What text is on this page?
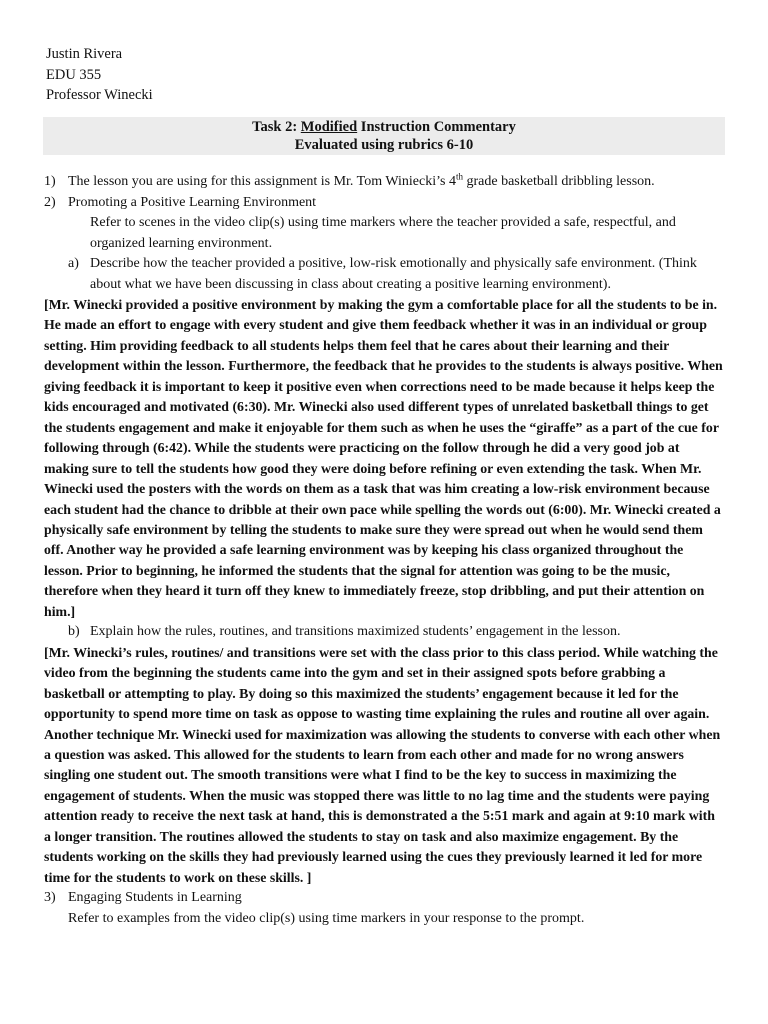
Justin Rivera
EDU 355
Professor Winecki
Task 2: Modified Instruction Commentary
Evaluated using rubrics 6-10
1) The lesson you are using for this assignment is Mr. Tom Winiecki’s 4th grade basketball dribbling lesson.
2) Promoting a Positive Learning Environment
Refer to scenes in the video clip(s) using time markers where the teacher provided a safe, respectful, and organized learning environment.
a) Describe how the teacher provided a positive, low-risk emotionally and physically safe environment. (Think about what we have been discussing in class about creating a positive learning environment).
[Mr. Winecki provided a positive environment by making the gym a comfortable place for all the students to be in. He made an effort to engage with every student and give them feedback whether it was in an individual or group setting. Him providing feedback to all students helps them feel that he cares about their learning and their development within the lesson. Furthermore, the feedback that he provides to the students is always positive. When giving feedback it is important to keep it positive even when corrections need to be made because it helps keep the kids encouraged and motivated (6:30). Mr. Winecki also used different types of unrelated basketball things to get the students engagement and make it enjoyable for them such as when he uses the “giraffe” as a part of the cue for following through (6:42). While the students were practicing on the follow through he did a very good job at making sure to tell the students how good they were doing before refining or even extending the task. When Mr. Winecki used the posters with the words on them as a task that was him creating a low-risk environment because each student had the chance to dribble at their own pace while spelling the words out (6:00). Mr. Winecki created a physically safe environment by telling the students to make sure they were spread out when he would send them off. Another way he provided a safe learning environment was by keeping his class organized throughout the lesson. Prior to beginning, he informed the students that the signal for attention was going to be the music, therefore when they heard it turn off they knew to immediately freeze, stop dribbling, and put their attention on him.]
b) Explain how the rules, routines, and transitions maximized students’ engagement in the lesson.
[Mr. Winecki’s rules, routines/ and transitions were set with the class prior to this class period. While watching the video from the beginning the students came into the gym and set in their assigned spots before grabbing a basketball or attempting to play. By doing so this maximized the students’ engagement because it led for the opportunity to spend more time on task as oppose to wasting time explaining the rules and routine all over again. Another technique Mr. Winecki used for maximization was allowing the students to converse with each other when a question was asked. This allowed for the students to learn from each other and made for no wrong answers singling one student out. The smooth transitions were what I find to be the key to success in maximizing the engagement of students. When the music was stopped there was little to no lag time and the students were paying attention ready to receive the next task at hand, this is demonstrated a the 5:51 mark and again at 9:10 mark with a longer transition. The routines allowed the students to stay on task and also maximize engagement. By the students working on the skills they had previously learned using the cues they previously learned it led for more time for the students to work on these skills. ]
3) Engaging Students in Learning
Refer to examples from the video clip(s) using time markers in your response to the prompt.
